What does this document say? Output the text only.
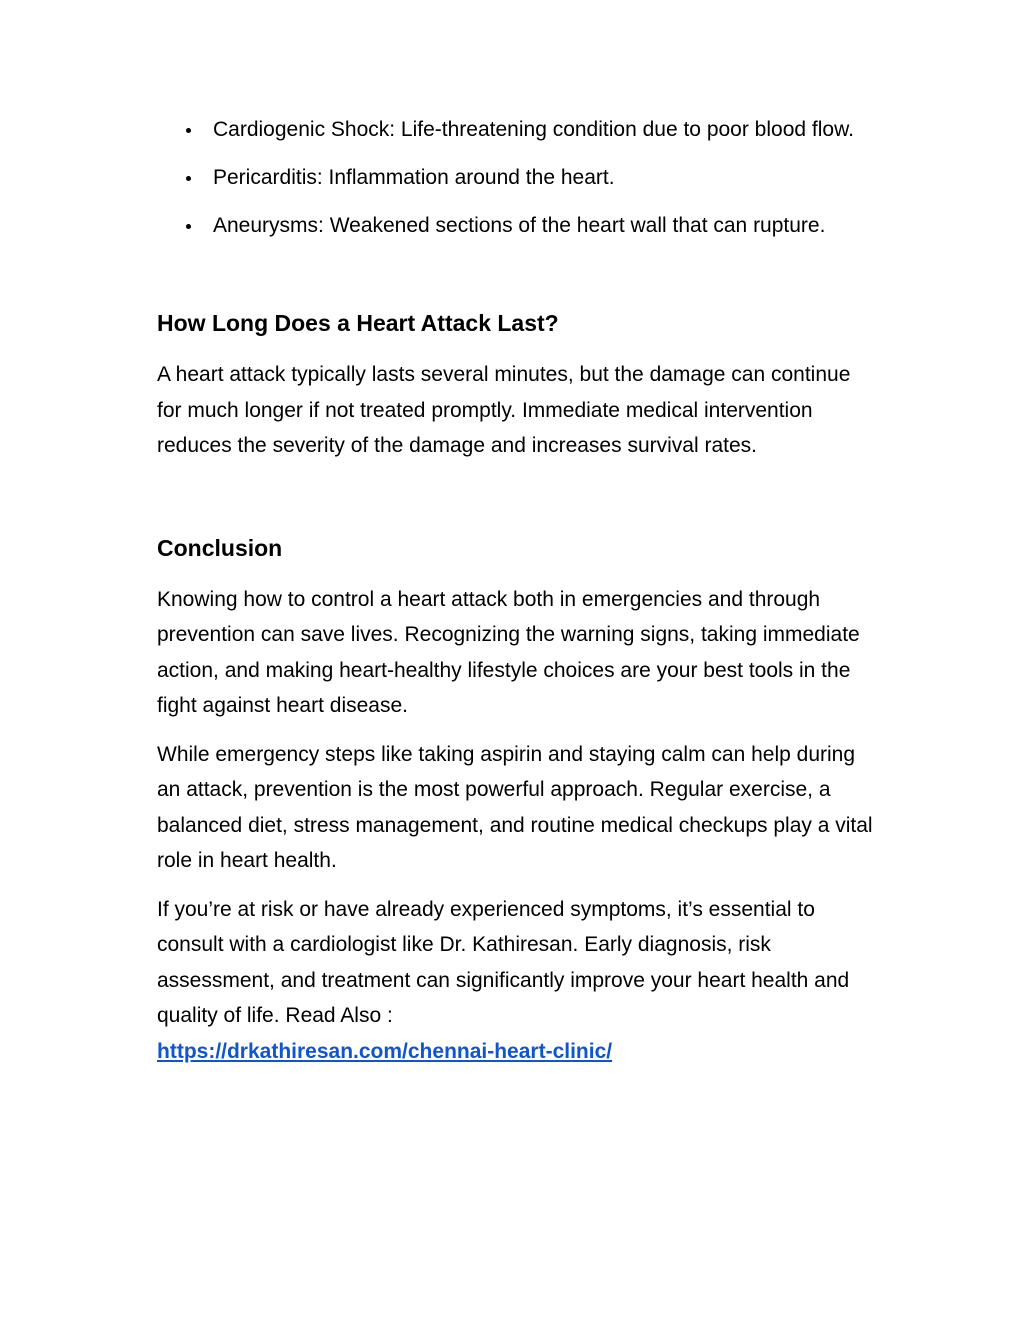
Cardiogenic Shock: Life-threatening condition due to poor blood flow.
Pericarditis: Inflammation around the heart.
Aneurysms: Weakened sections of the heart wall that can rupture.
How Long Does a Heart Attack Last?

A heart attack typically lasts several minutes, but the damage can continue for much longer if not treated promptly. Immediate medical intervention reduces the severity of the damage and increases survival rates.

Conclusion

Knowing how to control a heart attack both in emergencies and through prevention can save lives. Recognizing the warning signs, taking immediate action, and making heart-healthy lifestyle choices are your best tools in the fight against heart disease.

While emergency steps like taking aspirin and staying calm can help during an attack, prevention is the most powerful approach. Regular exercise, a balanced diet, stress management, and routine medical checkups play a vital role in heart health.

If you’re at risk or have already experienced symptoms, it’s essential to consult with a cardiologist like Dr. Kathiresan. Early diagnosis, risk assessment, and treatment can significantly improve your heart health and quality of life. Read Also :
https://drkathiresan.com/chennai-heart-clinic/
